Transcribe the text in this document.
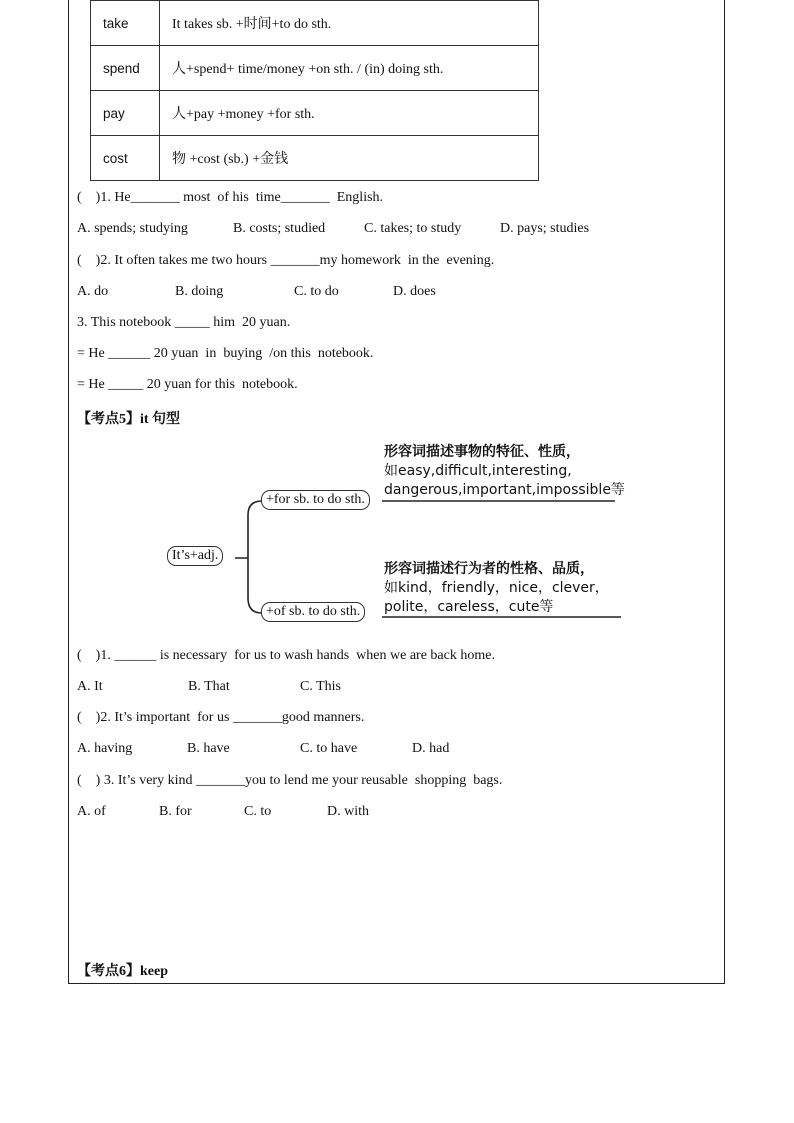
take	It takes sb. +时间+to do sth.
spend	人+spend+ time/money +on sth. / (in) doing sth.
pay	人+pay +money +for sth.
cost	物 +cost (sb.) +金钱
(    )1. He_______ most  of his  time_______  English.
A. spends; studying	B. costs; studied	C. takes; to study	D. pays; studies
(    )2. It often takes me two hours _______my homework  in the  evening.
A. do	B. doing	C. to do	D. does
3. This notebook _____ him  20 yuan.
= He ______ 20 yuan  in  buying  /on this  notebook.
= He _____ 20 yuan for this  notebook.
【考点5】it 句型
It’s+adj.
+for sb. to do sth.
+of sb. to do sth.
形容词描述事物的特征、性质，
如easy,difficult,interesting,
dangerous,important,impossible等
形容词描述行为者的性格、品质，
如kind，friendly，nice，clever，
polite，careless，cute等
(    )1. ______ is necessary  for us to wash hands  when we are back home.
A. It	B. That	C. This
(    )2. It’s important  for us _______good manners.
A. having	B. have	C. to have	D. had
(    ) 3. It’s very kind _______you to lend me your reusable  shopping  bags.
A. of	B. for	C. to	D. with
【考点6】keep
